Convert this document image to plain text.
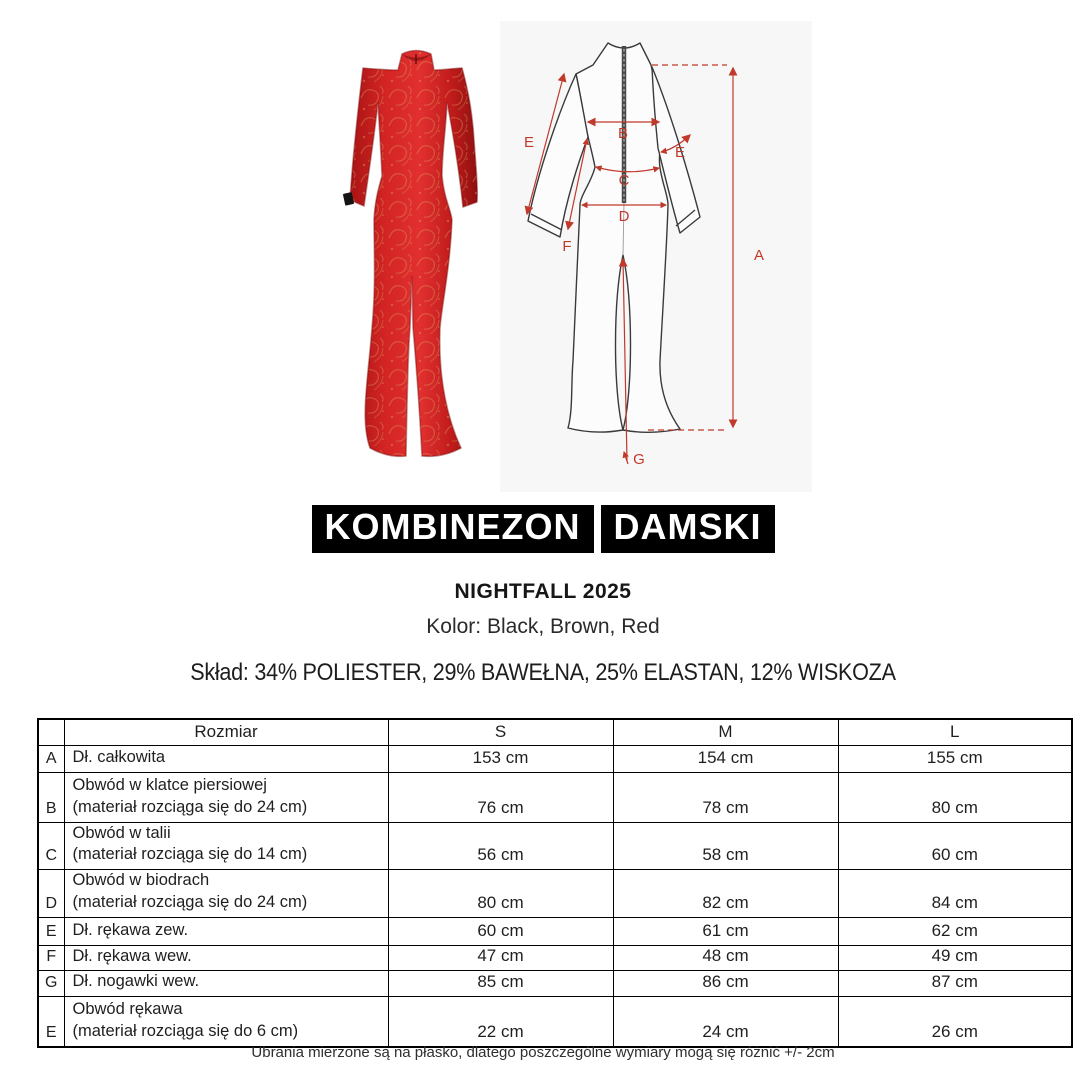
A
B
C
D
E
E
F
G
KOMBINEZON DAMSKI
NIGHTFALL 2025
Kolor: Black, Brown, Red
Skład: 34% POLIESTER, 29% BAWEŁNA, 25% ELASTAN, 12% WISKOZA
	Rozmiar	S	M	L
A	Dł. całkowita	153 cm	154 cm	155 cm
B	Obwód w klatce piersiowej
(materiał rozciąga się do 24 cm)	76 cm	78 cm	80 cm
C	Obwód w talii
(materiał rozciąga się do 14 cm)	56 cm	58 cm	60 cm
D	Obwód w biodrach
(materiał rozciąga się do 24 cm)	80 cm	82 cm	84 cm
E	Dł. rękawa zew.	60 cm	61 cm	62 cm
F	Dł. rękawa wew.	47 cm	48 cm	49 cm
G	Dł. nogawki wew.	85 cm	86 cm	87 cm
E	Obwód rękawa
(materiał rozciąga się do 6 cm)	22 cm	24 cm	26 cm
Ubrania mierzone są na płasko, dlatego poszczególne wymiary mogą się różnić +/- 2cm
